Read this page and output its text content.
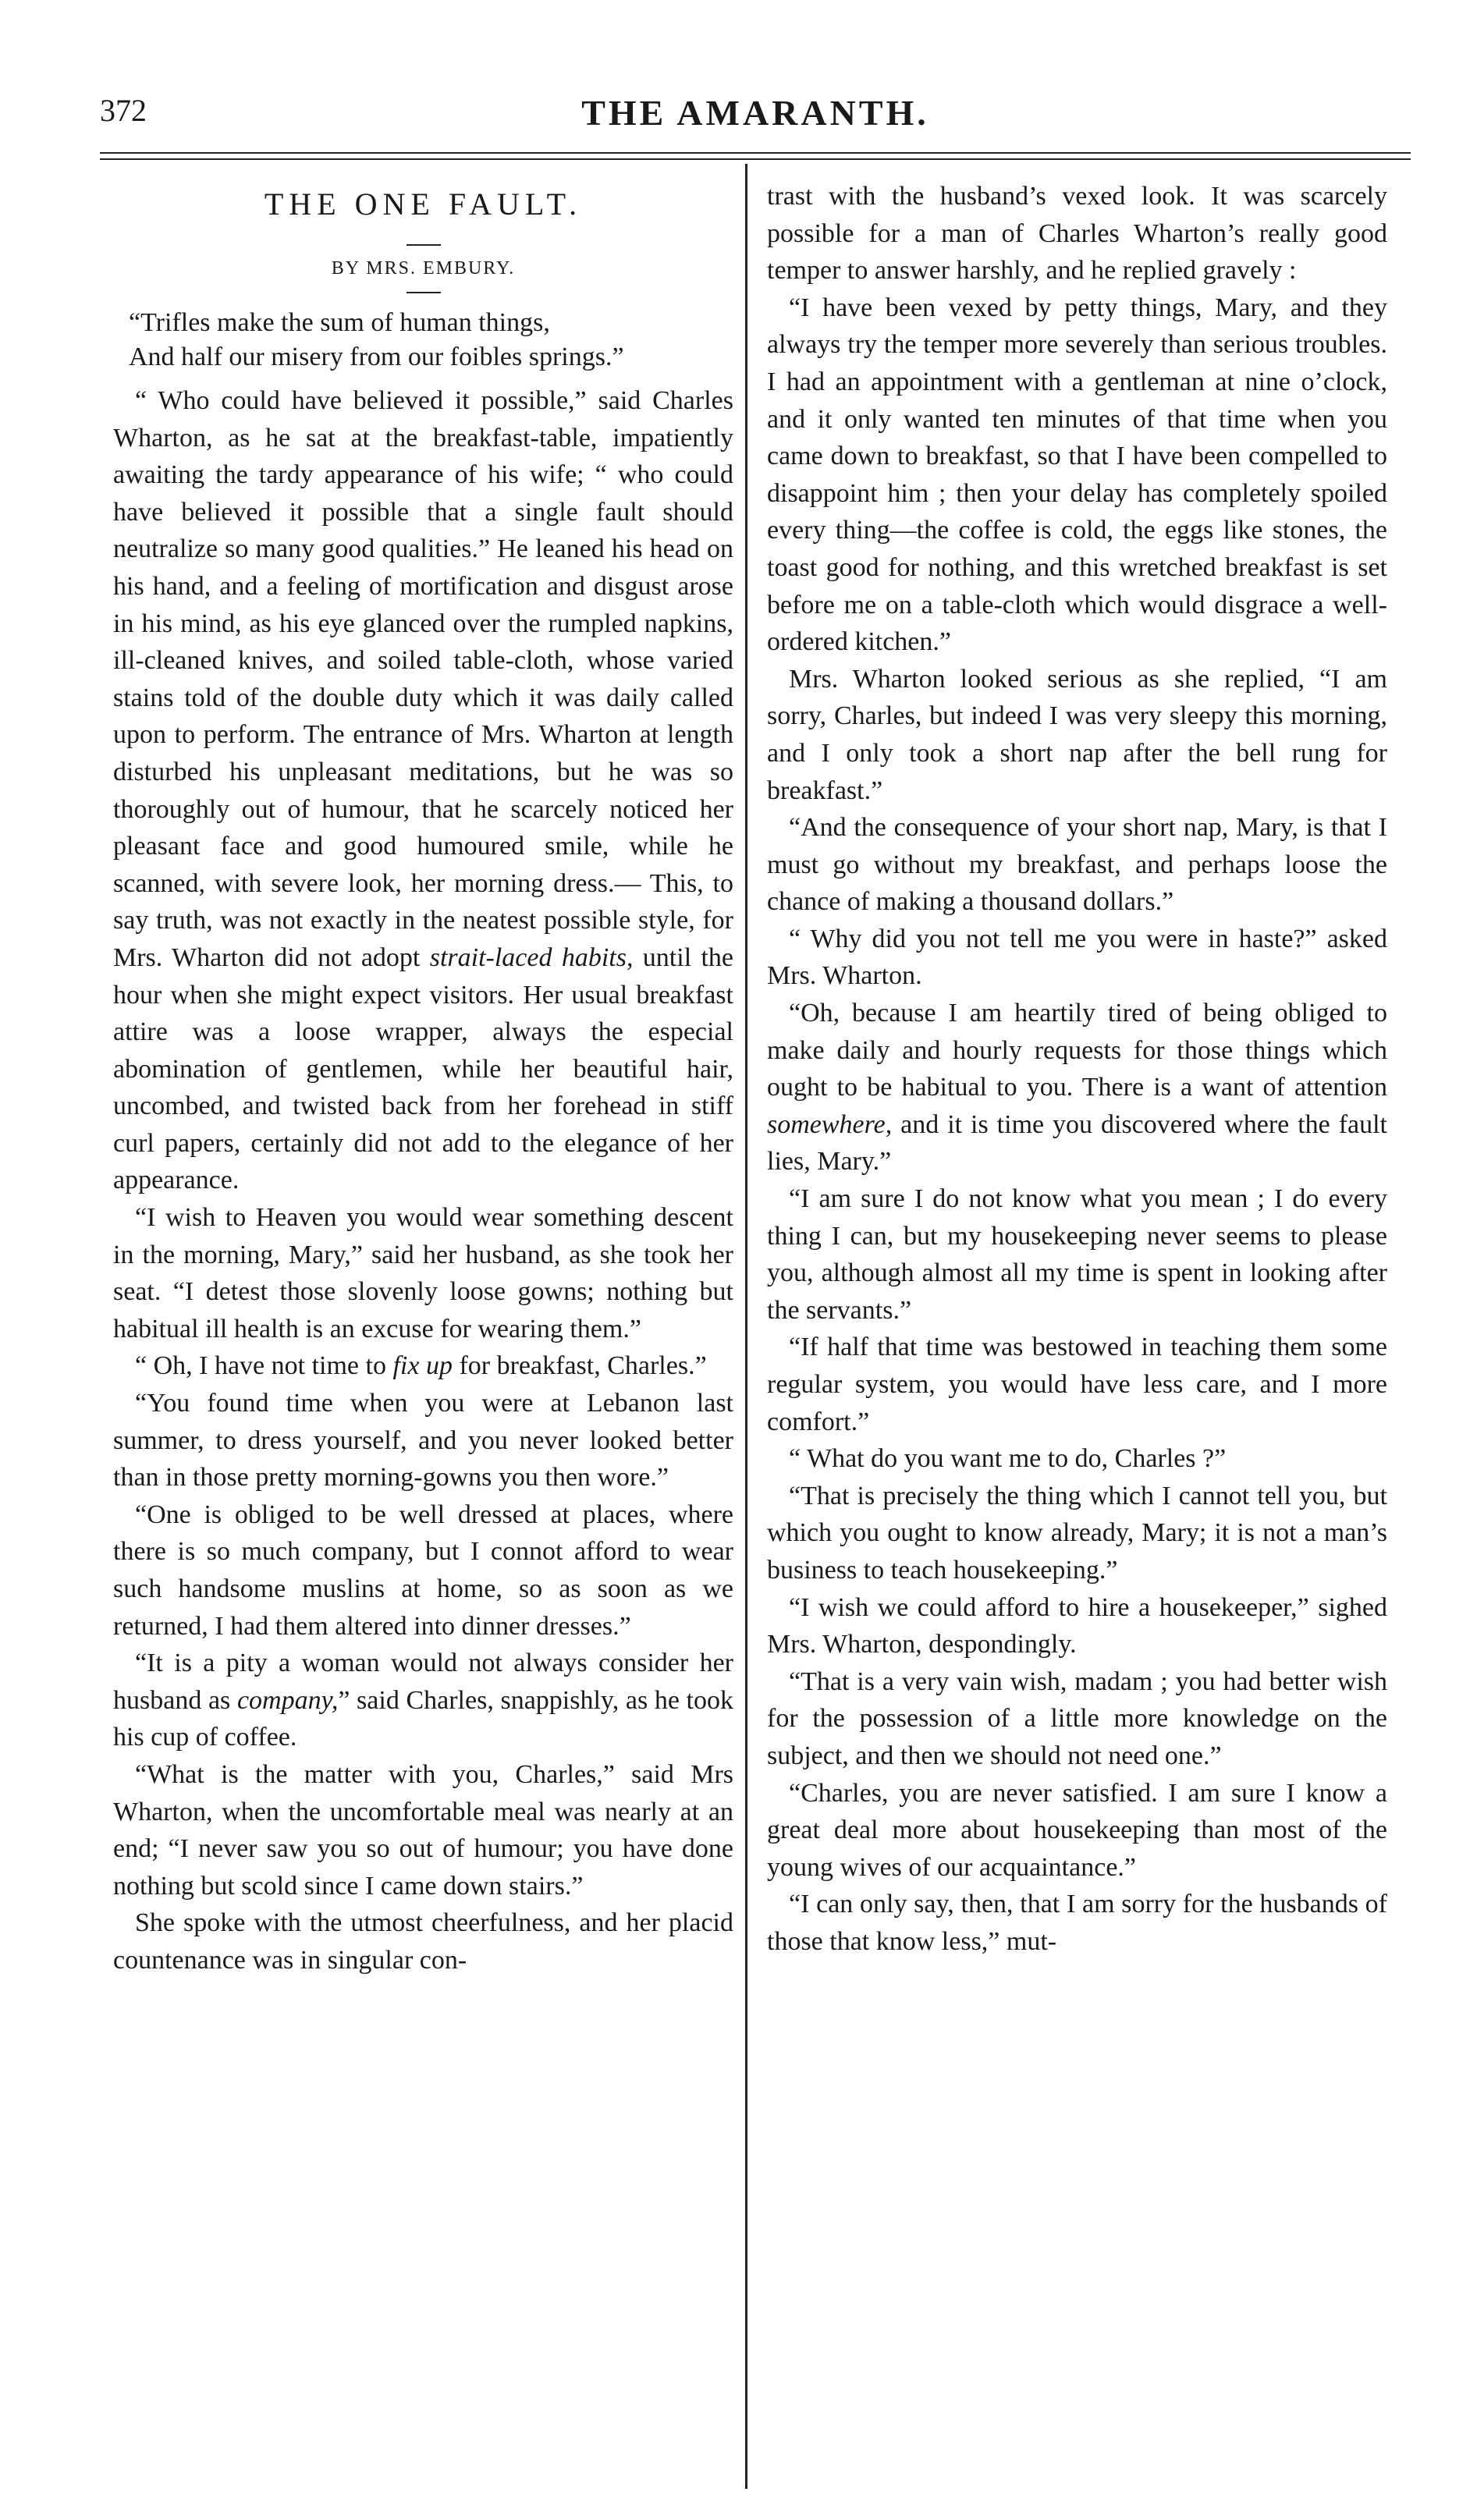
372	THE AMARANTH.
THE ONE FAULT.
BY MRS. EMBURY.
“Trifles make the sum of human things,
And half our misery from our foibles springs.”

“ Who could have believed it possible,” said Charles Wharton, as he sat at the breakfast-table, impatiently awaiting the tardy appearance of his wife; “ who could have believed it possible that a single fault should neutralize so many good qualities.” He leaned his head on his hand, and a feeling of mortification and disgust arose in his mind, as his eye glanced over the rumpled napkins, ill-cleaned knives, and soiled table-cloth, whose varied stains told of the double duty which it was daily called upon to perform. The entrance of Mrs. Wharton at length disturbed his unpleasant meditations, but he was so thoroughly out of humour, that he scarcely noticed her pleasant face and good humoured smile, while he scanned, with severe look, her morning dress.— This, to say truth, was not exactly in the neatest possible style, for Mrs. Wharton did not adopt strait-laced habits, until the hour when she might expect visitors. Her usual breakfast attire was a loose wrapper, always the especial abomination of gentlemen, while her beautiful hair, uncombed, and twisted back from her forehead in stiff curl papers, certainly did not add to the elegance of her appearance.

“I wish to Heaven you would wear something descent in the morning, Mary,” said her husband, as she took her seat. “I detest those slovenly loose gowns; nothing but habitual ill health is an excuse for wearing them.”

“ Oh, I have not time to fix up for breakfast, Charles.”

“You found time when you were at Lebanon last summer, to dress yourself, and you never looked better than in those pretty morning-gowns you then wore.”

“One is obliged to be well dressed at places, where there is so much company, but I connot afford to wear such handsome muslins at home, so as soon as we returned, I had them altered into dinner dresses.”

“It is a pity a woman would not always consider her husband as company,” said Charles, snappishly, as he took his cup of coffee.

“What is the matter with you, Charles,” said Mrs Wharton, when the uncomfortable meal was nearly at an end; “I never saw you so out of humour; you have done nothing but scold since I came down stairs.”

She spoke with the utmost cheerfulness, and her placid countenance was in singular con-

trast with the husband’s vexed look. It was scarcely possible for a man of Charles Wharton’s really good temper to answer harshly, and he replied gravely :

“I have been vexed by petty things, Mary, and they always try the temper more severely than serious troubles. I had an appointment with a gentleman at nine o’clock, and it only wanted ten minutes of that time when you came down to breakfast, so that I have been compelled to disappoint him ; then your delay has completely spoiled every thing—the coffee is cold, the eggs like stones, the toast good for nothing, and this wretched breakfast is set before me on a table-cloth which would disgrace a well-ordered kitchen.”

Mrs. Wharton looked serious as she replied, “I am sorry, Charles, but indeed I was very sleepy this morning, and I only took a short nap after the bell rung for breakfast.”

“And the consequence of your short nap, Mary, is that I must go without my breakfast, and perhaps loose the chance of making a thousand dollars.”

“ Why did you not tell me you were in haste?” asked Mrs. Wharton.

“Oh, because I am heartily tired of being obliged to make daily and hourly requests for those things which ought to be habitual to you. There is a want of attention somewhere, and it is time you discovered where the fault lies, Mary.”

“I am sure I do not know what you mean ; I do every thing I can, but my housekeeping never seems to please you, although almost all my time is spent in looking after the servants.”

“If half that time was bestowed in teaching them some regular system, you would have less care, and I more comfort.”

“ What do you want me to do, Charles ?”

“That is precisely the thing which I cannot tell you, but which you ought to know already, Mary; it is not a man’s business to teach housekeeping.”

“I wish we could afford to hire a housekeeper,” sighed Mrs. Wharton, despondingly.

“That is a very vain wish, madam ; you had better wish for the possession of a little more knowledge on the subject, and then we should not need one.”

“Charles, you are never satisfied. I am sure I know a great deal more about housekeeping than most of the young wives of our acquaintance.”

“I can only say, then, that I am sorry for the husbands of those that know less,” mut-
